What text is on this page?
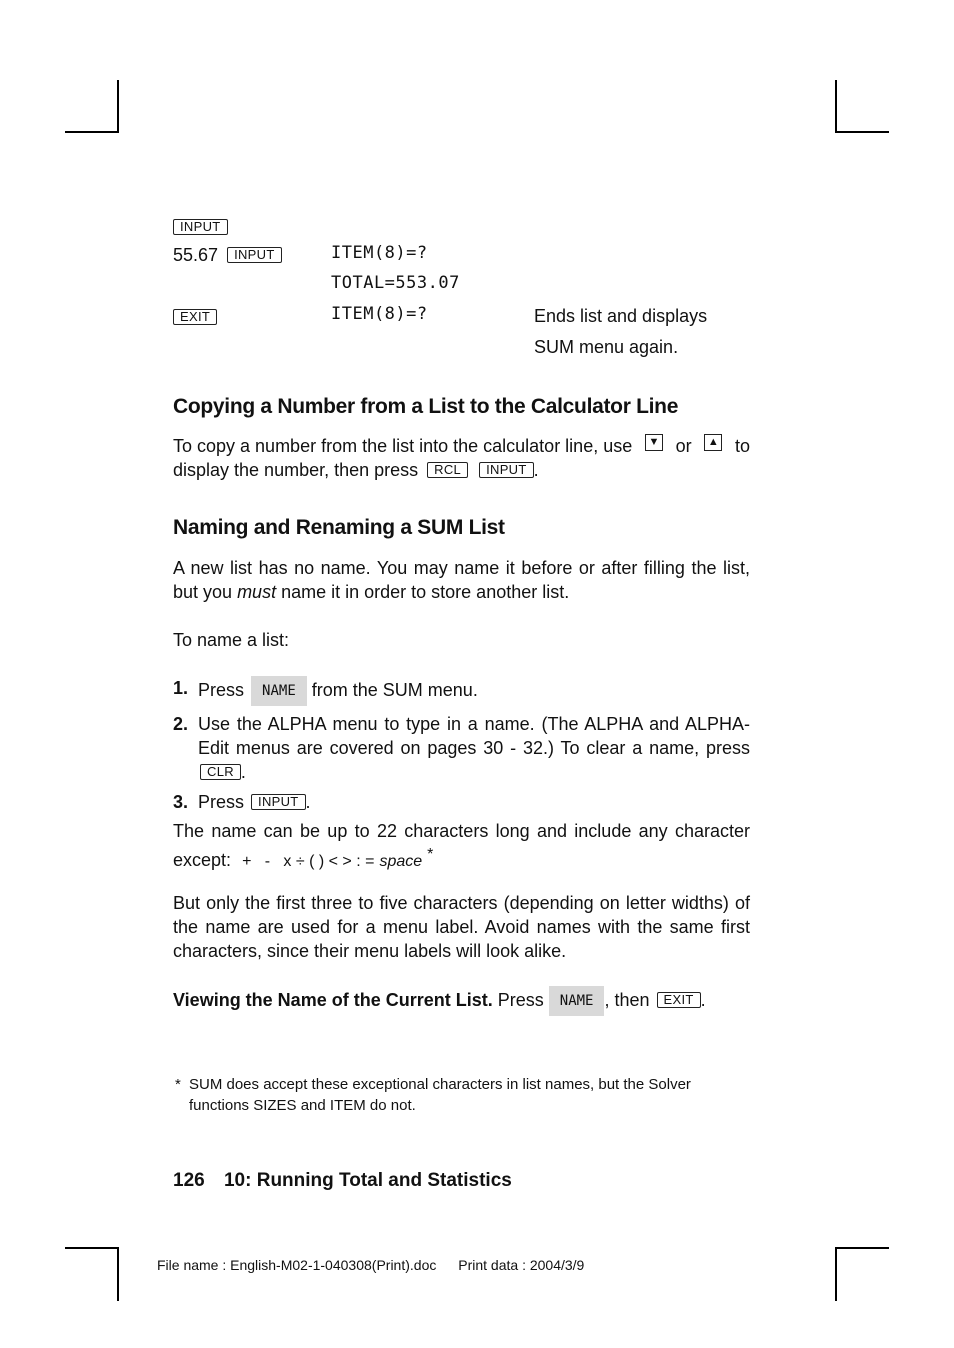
INPUT
55.67 INPUT	ITEM(8)=?
TOTAL=553.07
EXIT	ITEM(8)=?	Ends list and displays
SUM menu again.
Copying a Number from a List to the Calculator Line
To copy a number from the list into the calculator line, use	▼ or	▲ to
display the number, then press RCL INPUT .
Naming and Renaming a SUM List

A new list has no name. You may name it before or after filling the list, but you must name it in order to store another list.

To name a list:

1. Press NAME from the SUM menu.
2. Use the ALPHA menu to type in a name. (The ALPHA and ALPHA-Edit menus are covered on pages 30 - 32.) To clear a name, press CLR .
3. Press INPUT .

The name can be up to 22 characters long and include any character except: +   -   x ÷ ( ) < > : = space *

But only the first three to five characters (depending on letter widths) of the name are used for a menu label. Avoid names with the same first characters, since their menu labels will look alike.

Viewing the Name of the Current List. Press NAME , then EXIT .

* SUM does accept these exceptional characters in list names, but the Solver functions SIZES and ITEM do not.
126 10: Running Total and Statistics
File name : English-M02-1-040308(Print).doc Print data : 2004/3/9
